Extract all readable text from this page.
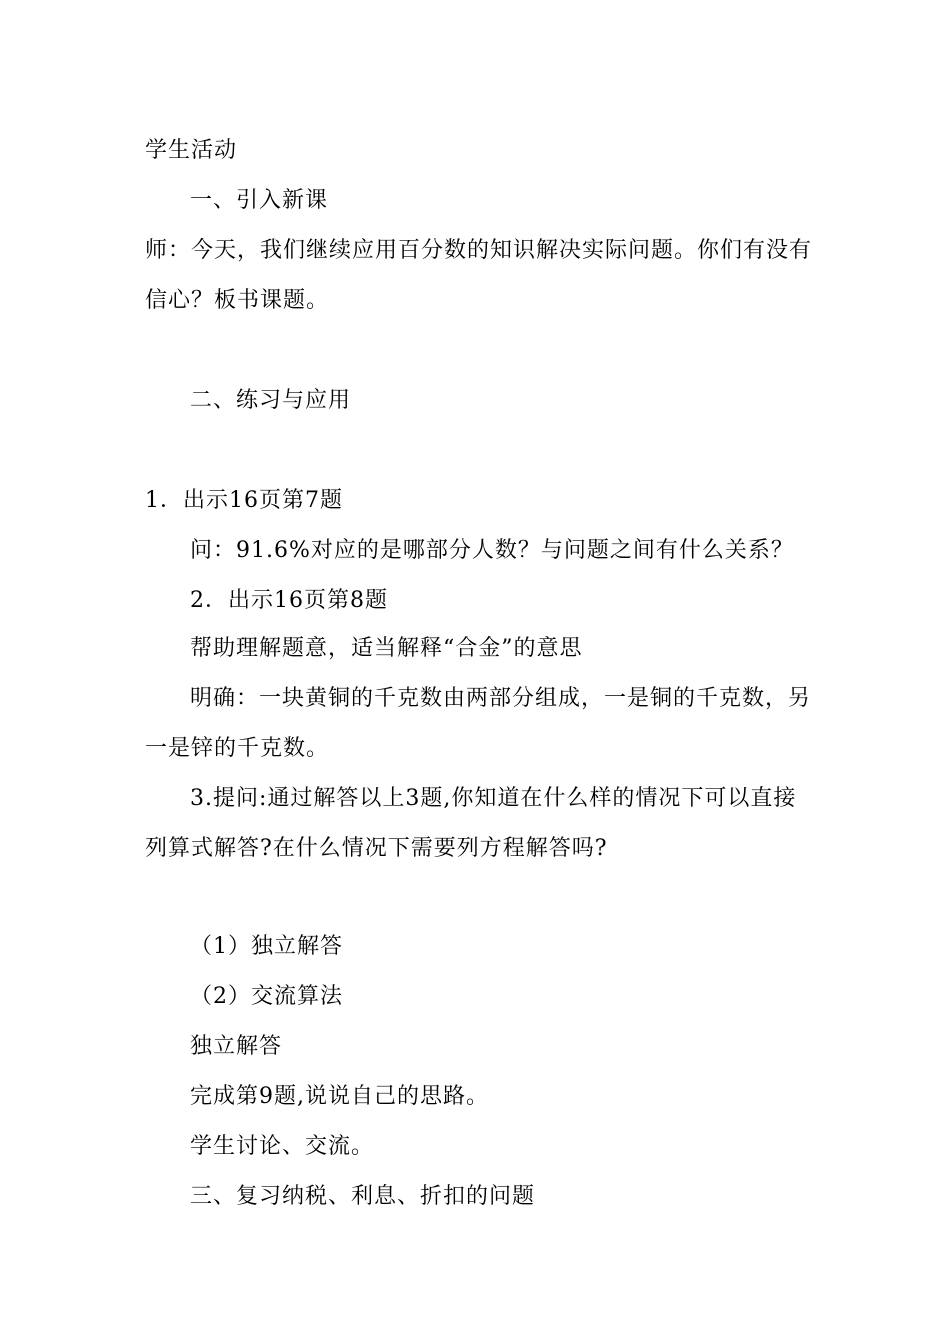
学生活动
一、引入新课
师：今天，我们继续应用百分数的知识解决实际问题。你们有没有
信心？板书课题。
二、练习与应用
1．出示16页第7题
问：91.6%对应的是哪部分人数？与问题之间有什么关系？
2．出示16页第8题
帮助理解题意，适当解释“合金”的意思
明确：一块黄铜的千克数由两部分组成，一是铜的千克数，另
一是锌的千克数。
3.提问:通过解答以上3题,你知道在什么样的情况下可以直接
列算式解答?在什么情况下需要列方程解答吗?
（1）独立解答
（2）交流算法
独立解答
完成第9题,说说自己的思路。
学生讨论、交流。
三、复习纳税、利息、折扣的问题
